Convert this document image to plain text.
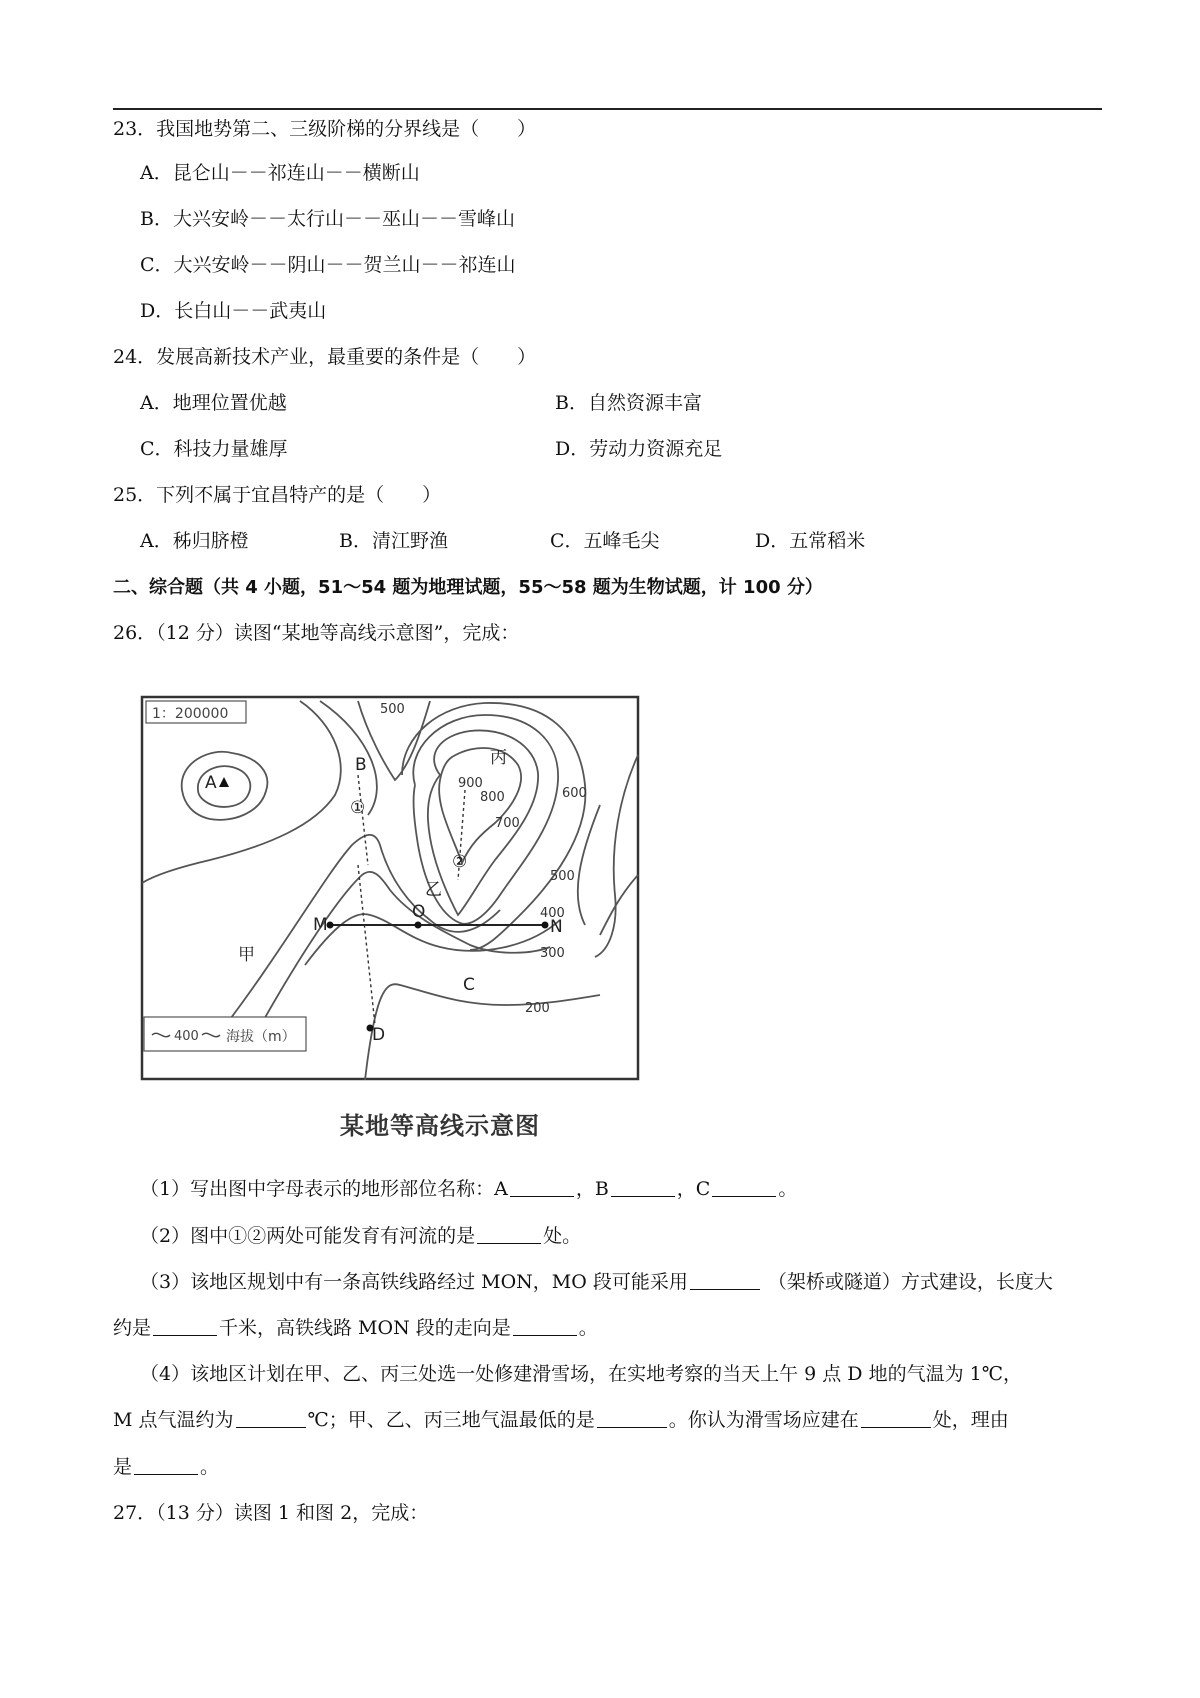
23．我国地势第二、三级阶梯的分界线是（　　）
A．昆仑山－－祁连山－－横断山
B．大兴安岭－－太行山－－巫山－－雪峰山
C．大兴安岭－－阴山－－贺兰山－－祁连山
D．长白山－－武夷山
24．发展高新技术产业，最重要的条件是（　　）
A．地理位置优越	B．自然资源丰富
C．科技力量雄厚	D．劳动力资源充足
25．下列不属于宜昌特产的是（　　）
A．秭归脐橙	B．清江野渔	C．五峰毛尖	D．五常稻米
二、综合题（共 4 小题，51～54 题为地理试题，55～58 题为生物试题，计 100 分）
26．（12 分）读图“某地等高线示意图”，完成：
1：200000
A
B
C
D
M
O
N
甲
乙
丙
①
②
200
300
400
500
500
600
700
800
900
400 海拔（m）
某地等高线示意图
（1）写出图中字母表示的地形部位名称：A	，B	，C	。
（2）图中①②两处可能发育有河流的是	处。
（3）该地区规划中有一条高铁线路经过 MON，MO 段可能采用	（架桥或隧道）方式建设，长度大
约是	千米，高铁线路 MON 段的走向是	。
（4）该地区计划在甲、乙、丙三处选一处修建滑雪场，在实地考察的当天上午 9 点 D 地的气温为 1℃，
M 点气温约为	℃；甲、乙、丙三地气温最低的是	。你认为滑雪场应建在	处，理由
是	。
27．（13 分）读图 1 和图 2，完成：
